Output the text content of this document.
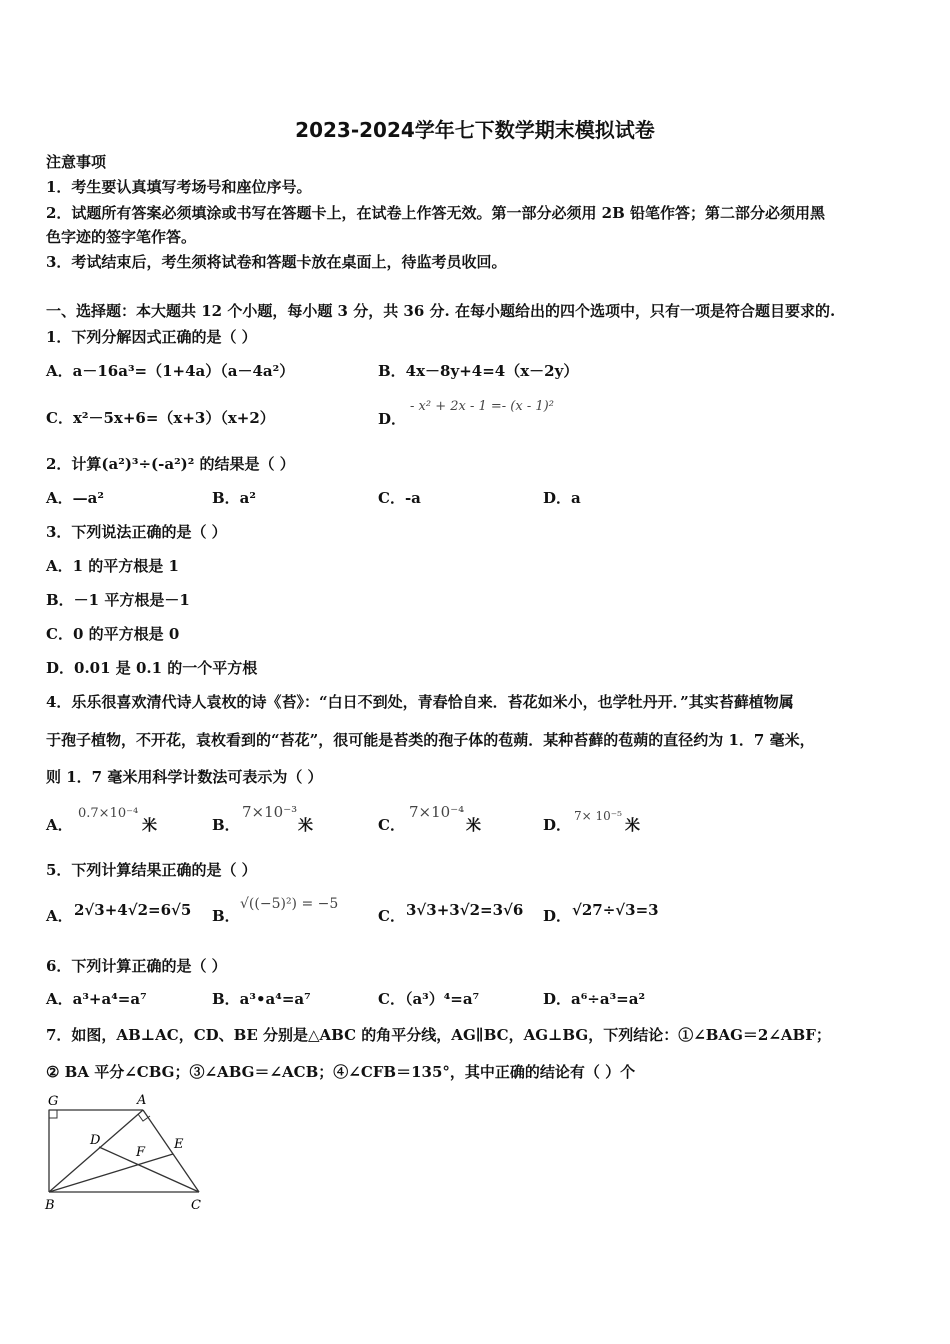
2023-2024学年七下数学期末模拟试卷
注意事项
1．考生要认真填写考场号和座位序号。
2．试题所有答案必须填涂或书写在答题卡上，在试卷上作答无效。第一部分必须用 2B 铅笔作答；第二部分必须用黑
色字迹的签字笔作答。
3．考试结束后，考生须将试卷和答题卡放在桌面上，待监考员收回。
一、选择题：本大题共 12 个小题，每小题 3 分，共 36 分. 在每小题给出的四个选项中，只有一项是符合题目要求的.
1．下列分解因式正确的是（ ）
A．a－16a³=（1+4a）（a－4a²）	B．4x－8y+4=4（x－2y）
C．x²－5x+6=（x+3）（x+2）	D．
- x² + 2x - 1 =- (x - 1)²
2．计算(a²)³÷(-a²)² 的结果是（ ）
A．—a²	B．a²	C．-a	D．a
3．下列说法正确的是（ ）
A．1 的平方根是 1
B．－1 平方根是－1
C．0 的平方根是 0
D．0.01 是 0.1 的一个平方根
4．乐乐很喜欢清代诗人袁枚的诗《苔》：“白日不到处，青春恰自来．苔花如米小，也学牡丹开．”其实苔藓植物属
于孢子植物，不开花，袁枚看到的“苔花”，很可能是苔类的孢子体的苞蒴．某种苔藓的苞蒴的直径约为 1．7 毫米，
则 1．7 毫米用科学计数法可表示为（ ）
A．
0.7×10⁻⁴
米	B．
7×10⁻³
米	C．
7×10⁻⁴
米	D． 7× 10⁻⁵ 米
5．下列计算结果正确的是（ ）
A． 2√3+4√2=6√5 B．
√((−5)²) = −5
C． 3√3+3√2=3√6 D． √27÷√3=3
6．下列计算正确的是（ ）
A．a³+a⁴=a⁷	B．a³•a⁴=a⁷	C．（a³）⁴=a⁷	D．a⁶÷a³=a²
7．如图，AB⊥AC，CD、BE 分别是△ABC 的角平分线，AG∥BC，AG⊥BG，下列结论：①∠BAG＝2∠ABF；
② BA 平分∠CBG；③∠ABG＝∠ACB；④∠CFB＝135°，其中正确的结论有（ ）个
G	A
D	E
F
B	C
